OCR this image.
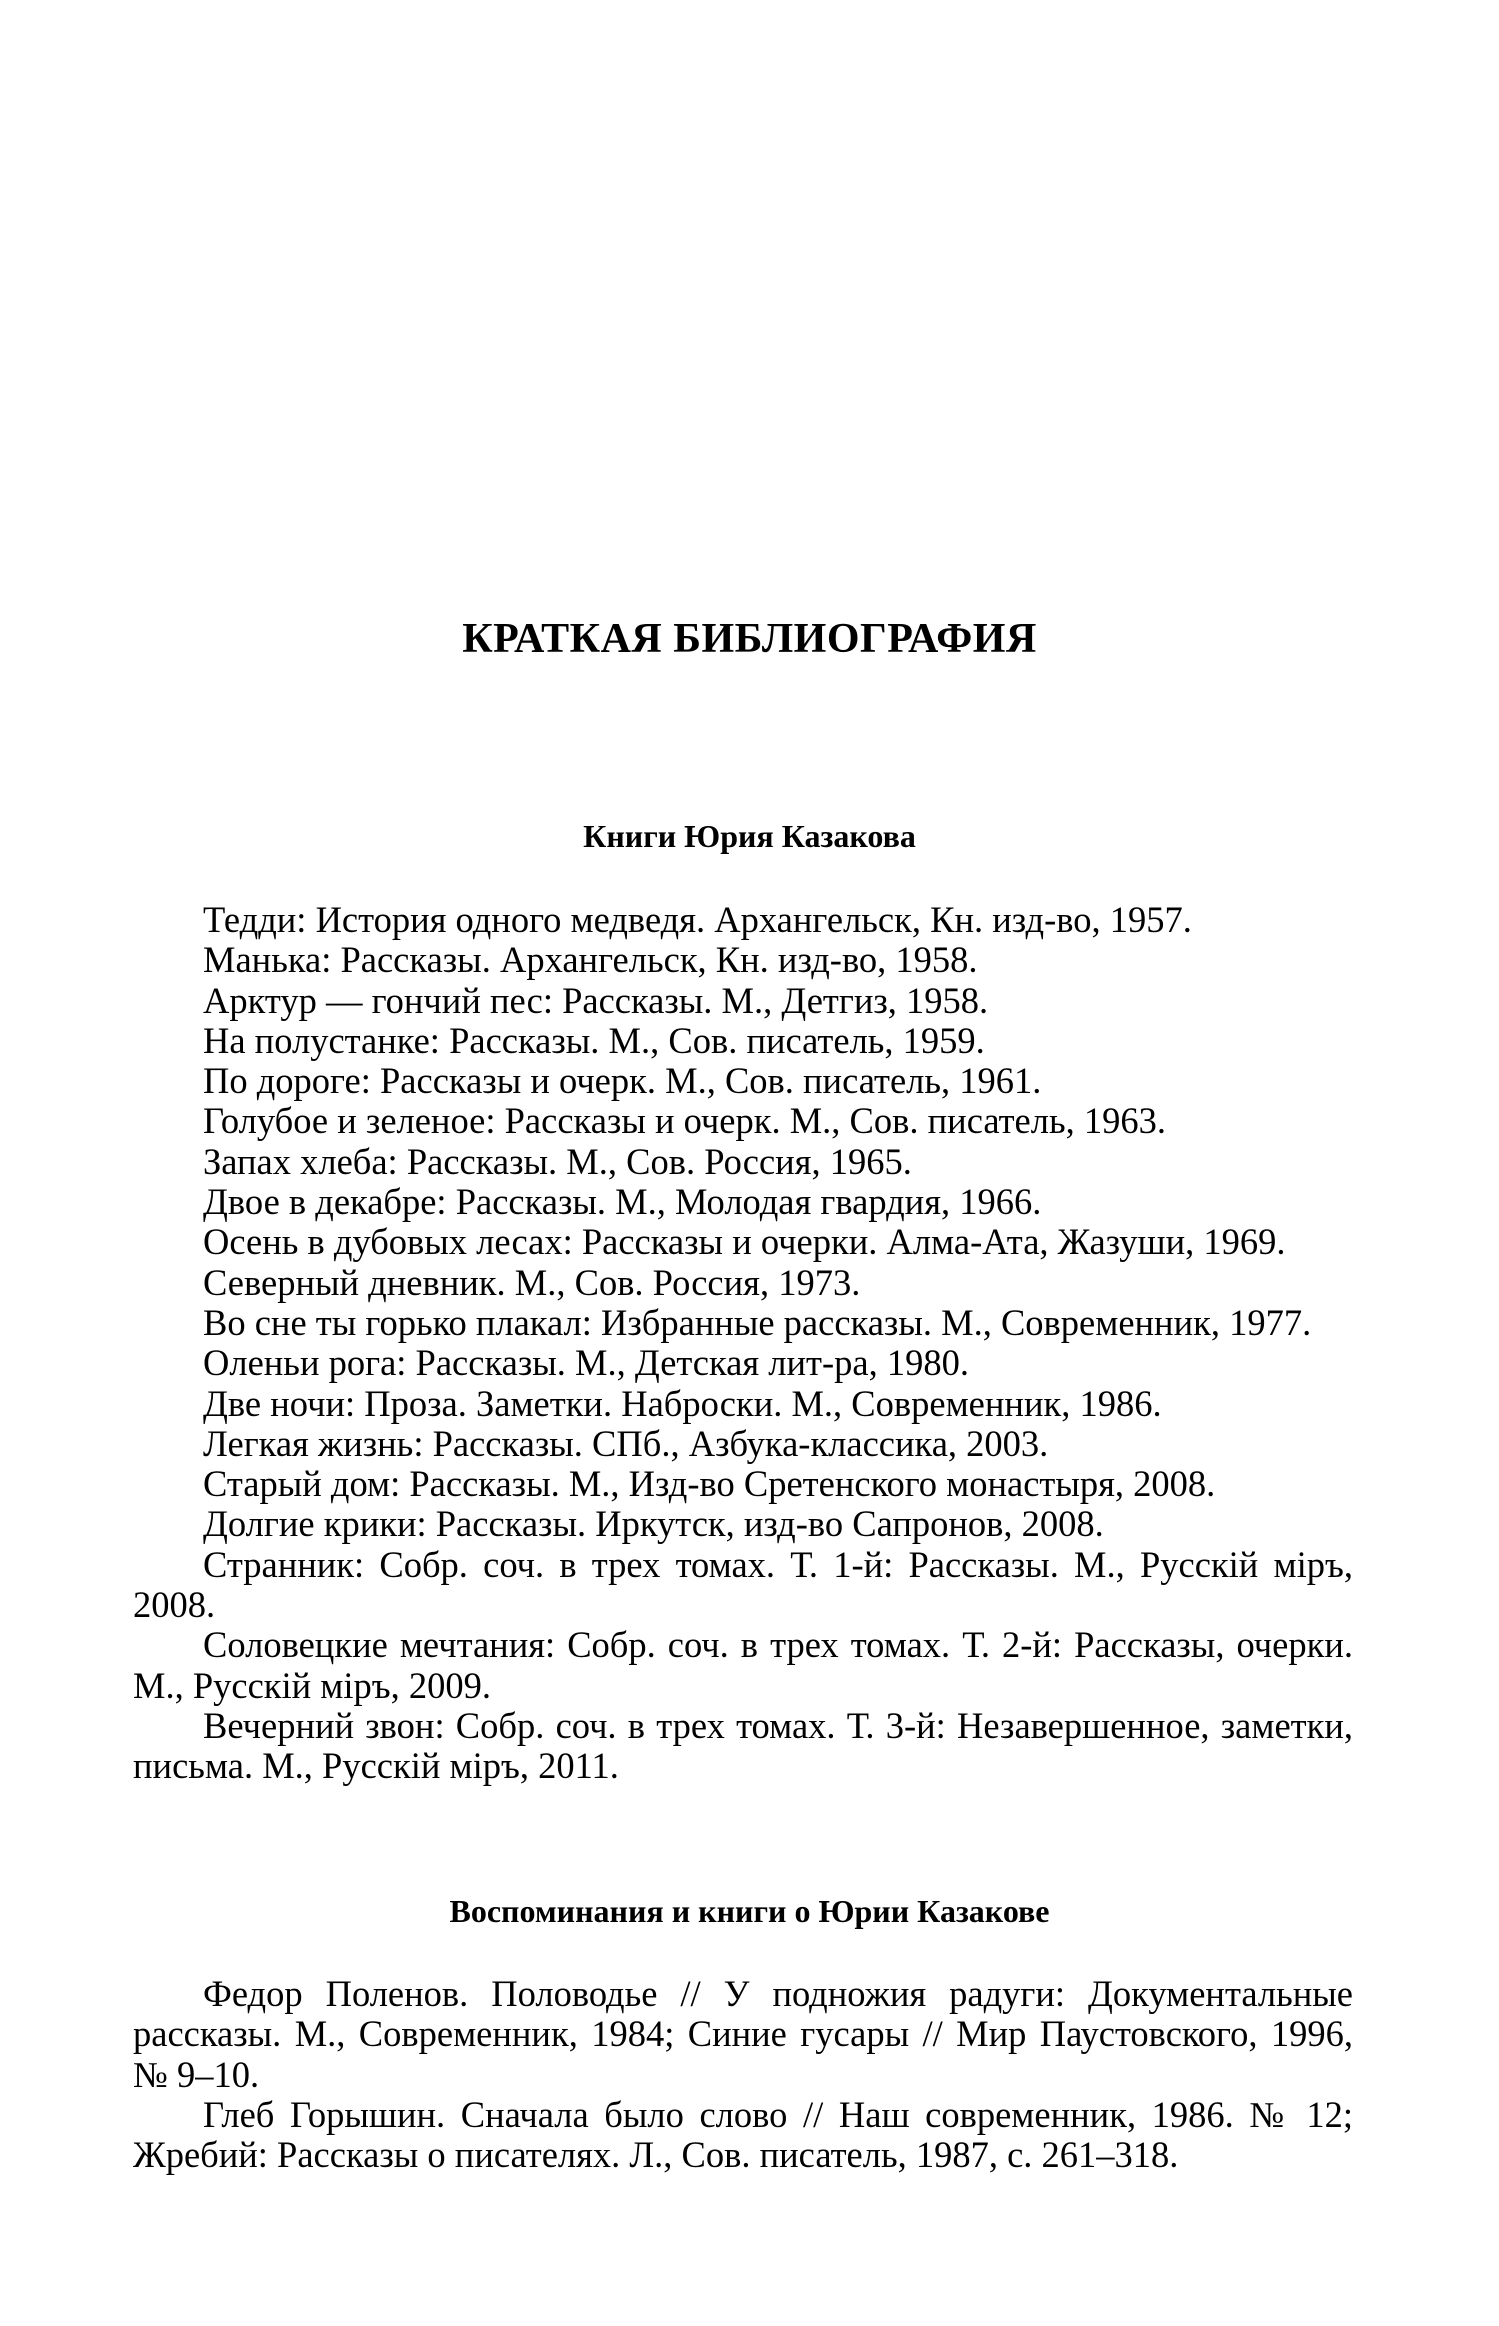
КРАТКАЯ БИБЛИОГРАФИЯ
Книги Юрия Казакова

Тедди: История одного медведя. Архангельск, Кн. изд-во, 1957.

Манька: Рассказы. Архангельск, Кн. изд-во, 1958.

Арктур — гончий пес: Рассказы. М., Детгиз, 1958.

На полустанке: Рассказы. М., Сов. писатель, 1959.

По дороге: Рассказы и очерк. М., Сов. писатель, 1961.

Голубое и зеленое: Рассказы и очерк. М., Сов. писатель, 1963.

Запах хлеба: Рассказы. М., Сов. Россия, 1965.

Двое в декабре: Рассказы. М., Молодая гвардия, 1966.

Осень в дубовых лесах: Рассказы и очерки. Алма-Ата, Жазуши, 1969.

Северный дневник. М., Сов. Россия, 1973.

Во сне ты горько плакал: Избранные рассказы. М., Современник, 1977.

Оленьи рога: Рассказы. М., Детская лит-ра, 1980.

Две ночи: Проза. Заметки. Наброски. М., Современник, 1986.

Легкая жизнь: Рассказы. СПб., Азбука-классика, 2003.

Старый дом: Рассказы. М., Изд-во Сретенского монастыря, 2008.

Долгие крики: Рассказы. Иркутск, изд-во Сапронов, 2008.

Странник: Собр. соч. в трех томах. Т. 1-й: Рассказы. М., Русскій міръ, 2008.

Соловецкие мечтания: Собр. соч. в трех томах. Т. 2-й: Рассказы, очерки. М., Русскій міръ, 2009.

Вечерний звон: Собр. соч. в трех томах. Т. 3-й: Незавершенное, заметки, письма. М., Русскій міръ, 2011.

Воспоминания и книги о Юрии Казакове

Федор Поленов. Половодье // У подножия радуги: Документальные рассказы. М., Современник, 1984; Синие гусары // Мир Паустовского, 1996, № 9–10.

Глеб Горышин. Сначала было слово // Наш современник, 1986. № 12; Жребий: Рассказы о писателях. Л., Сов. писатель, 1987, с. 261–318.
